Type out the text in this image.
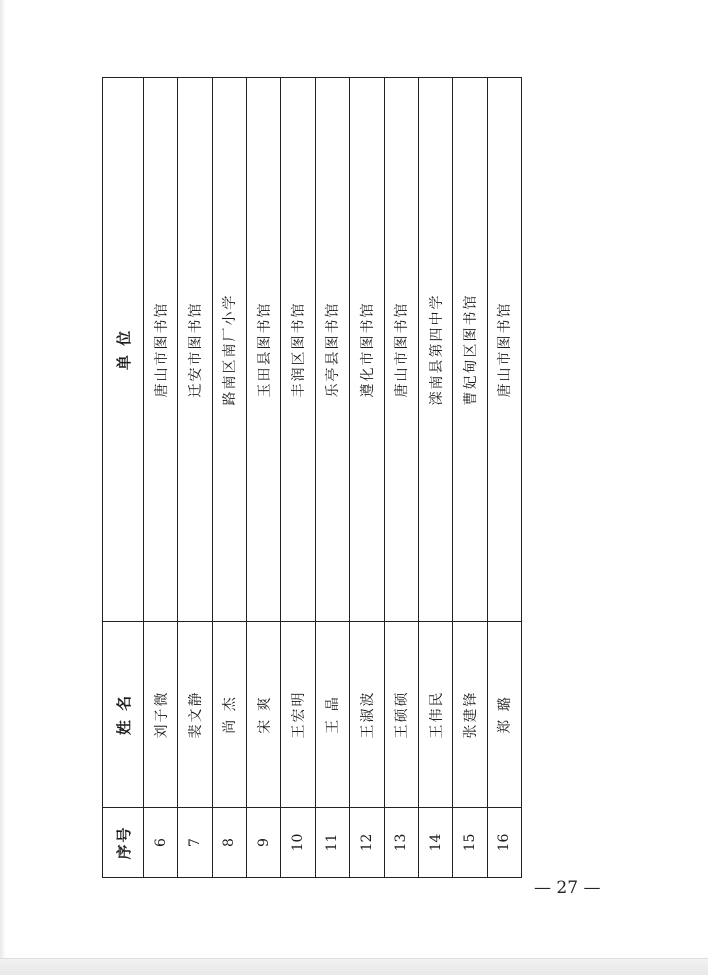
序号	姓 名	单 位
6	刘子微	唐山市图书馆
7	裴文静	迁安市图书馆
8	尚 杰	路南区南厂小学
9	宋 爽	玉田县图书馆
10	王宏明	丰润区图书馆
11	王 晶	乐亭县图书馆
12	王淑波	遵化市图书馆
13	王硕硕	唐山市图书馆
14	王伟民	滦南县第四中学
15	张建锋	曹妃甸区图书馆
16	郑 璐	唐山市图书馆
— 27 —
